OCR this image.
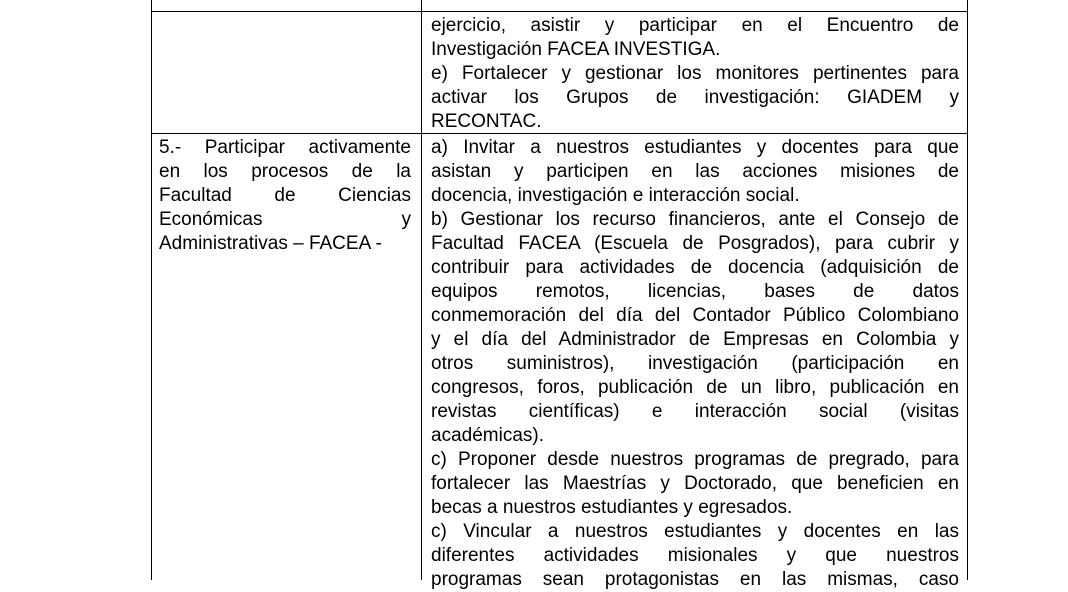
ejercicio, asistir y participar en el Encuentro de
Investigación FACEA INVESTIGA.
e) Fortalecer y gestionar los monitores pertinentes para
activar los Grupos de investigación: GIADEM y
RECONTAC.
5.- Participar activamente
en los procesos de la
Facultad de Ciencias
Económicas y
Administrativas – FACEA -
a) Invitar a nuestros estudiantes y docentes para que
asistan y participen en las acciones misiones de
docencia, investigación e interacción social.
b) Gestionar los recurso financieros, ante el Consejo de
Facultad FACEA (Escuela de Posgrados), para cubrir y
contribuir para actividades de docencia (adquisición de
equipos remotos, licencias, bases de datos
conmemoración del día del Contador Público Colombiano
y el día del Administrador de Empresas en Colombia y
otros suministros), investigación (participación en
congresos, foros, publicación de un libro, publicación en
revistas científicas) e interacción social (visitas
académicas).
c) Proponer desde nuestros programas de pregrado, para
fortalecer las Maestrías y Doctorado, que beneficien en
becas a nuestros estudiantes y egresados.
c) Vincular a nuestros estudiantes y docentes en las
diferentes actividades misionales y que nuestros
programas sean protagonistas en las mismas, caso
